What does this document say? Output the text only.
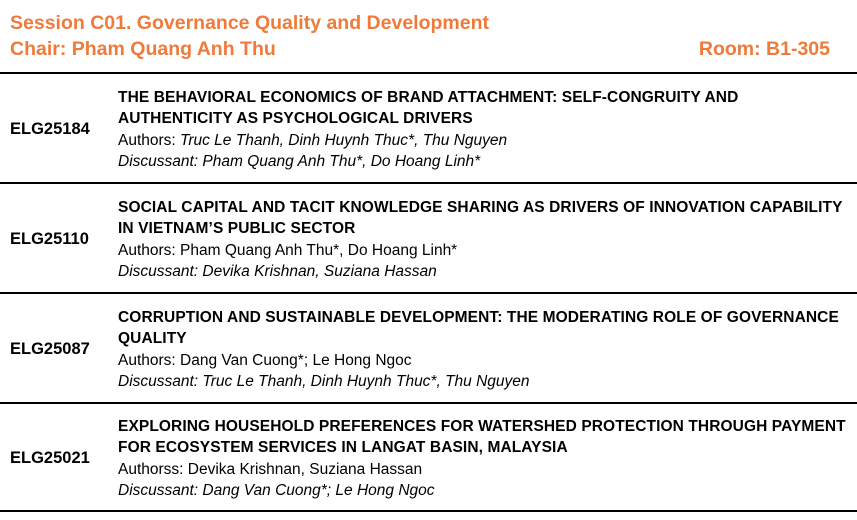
Session C01. Governance Quality and Development
Chair: Pham Quang Anh Thu	Room: B1-305
ELG25184
THE BEHAVIORAL ECONOMICS OF BRAND ATTACHMENT: SELF-CONGRUITY AND AUTHENTICITY AS PSYCHOLOGICAL DRIVERS
Authors: Truc Le Thanh, Dinh Huynh Thuc*, Thu Nguyen
Discussant: Pham Quang Anh Thu*, Do Hoang Linh*
ELG25110
SOCIAL CAPITAL AND TACIT KNOWLEDGE SHARING AS DRIVERS OF INNOVATION CAPABILITY IN VIETNAM’S PUBLIC SECTOR
Authors: Pham Quang Anh Thu*, Do Hoang Linh*
Discussant: Devika Krishnan, Suziana Hassan
ELG25087
CORRUPTION AND SUSTAINABLE DEVELOPMENT: THE MODERATING ROLE OF GOVERNANCE QUALITY
Authors: Dang Van Cuong*; Le Hong Ngoc
Discussant: Truc Le Thanh, Dinh Huynh Thuc*, Thu Nguyen
ELG25021
EXPLORING HOUSEHOLD PREFERENCES FOR WATERSHED PROTECTION THROUGH PAYMENT FOR ECOSYSTEM SERVICES IN LANGAT BASIN, MALAYSIA
Authorss: Devika Krishnan, Suziana Hassan
Discussant: Dang Van Cuong*; Le Hong Ngoc
